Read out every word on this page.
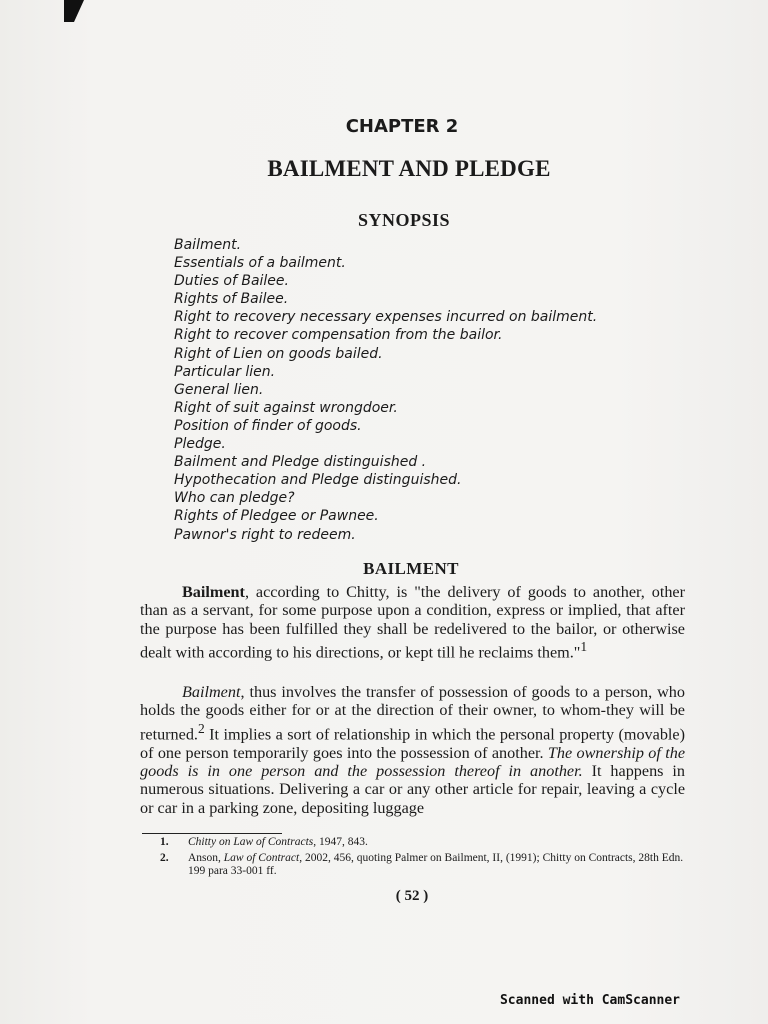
CHAPTER 2
BAILMENT AND PLEDGE
SYNOPSIS
Bailment.
Essentials of a bailment.
Duties of Bailee.
Rights of Bailee.
Right to recovery necessary expenses incurred on bailment.
Right to recover compensation from the bailor.
Right of Lien on goods bailed.
Particular lien.
General lien.
Right of suit against wrongdoer.
Position of finder of goods.
Pledge.
Bailment and Pledge distinguished .
Hypothecation and Pledge distinguished.
Who can pledge?
Rights of Pledgee or Pawnee.
Pawnor's right to redeem.
BAILMENT

Bailment, according to Chitty, is "the delivery of goods to another, other than as a servant, for some purpose upon a condition, express or implied, that after the purpose has been fulfilled they shall be redelivered to the bailor, or otherwise dealt with according to his directions, or kept till he reclaims them."$^1$

Bailment, thus involves the transfer of possession of goods to a person, who holds the goods either for or at the direction of their owner, to whom-they will be returned.$^2$ It implies a sort of relationship in which the personal property (movable) of one person temporarily goes into the possession of another. The ownership of the goods is in one person and the possession thereof in another. It happens in numerous situations. Delivering a car or any other article for repair, leaving a cycle or car in a parking zone, depositing luggage

1. Chitty on Law of Contracts, 1947, 843.
2. Anson, Law of Contract, 2002, 456, quoting Palmer on Bailment, II, (1991); Chitty on Contracts, 28th Edn. 199 para 33-001 ff.
( 52 )
Scanned with CamScanner
